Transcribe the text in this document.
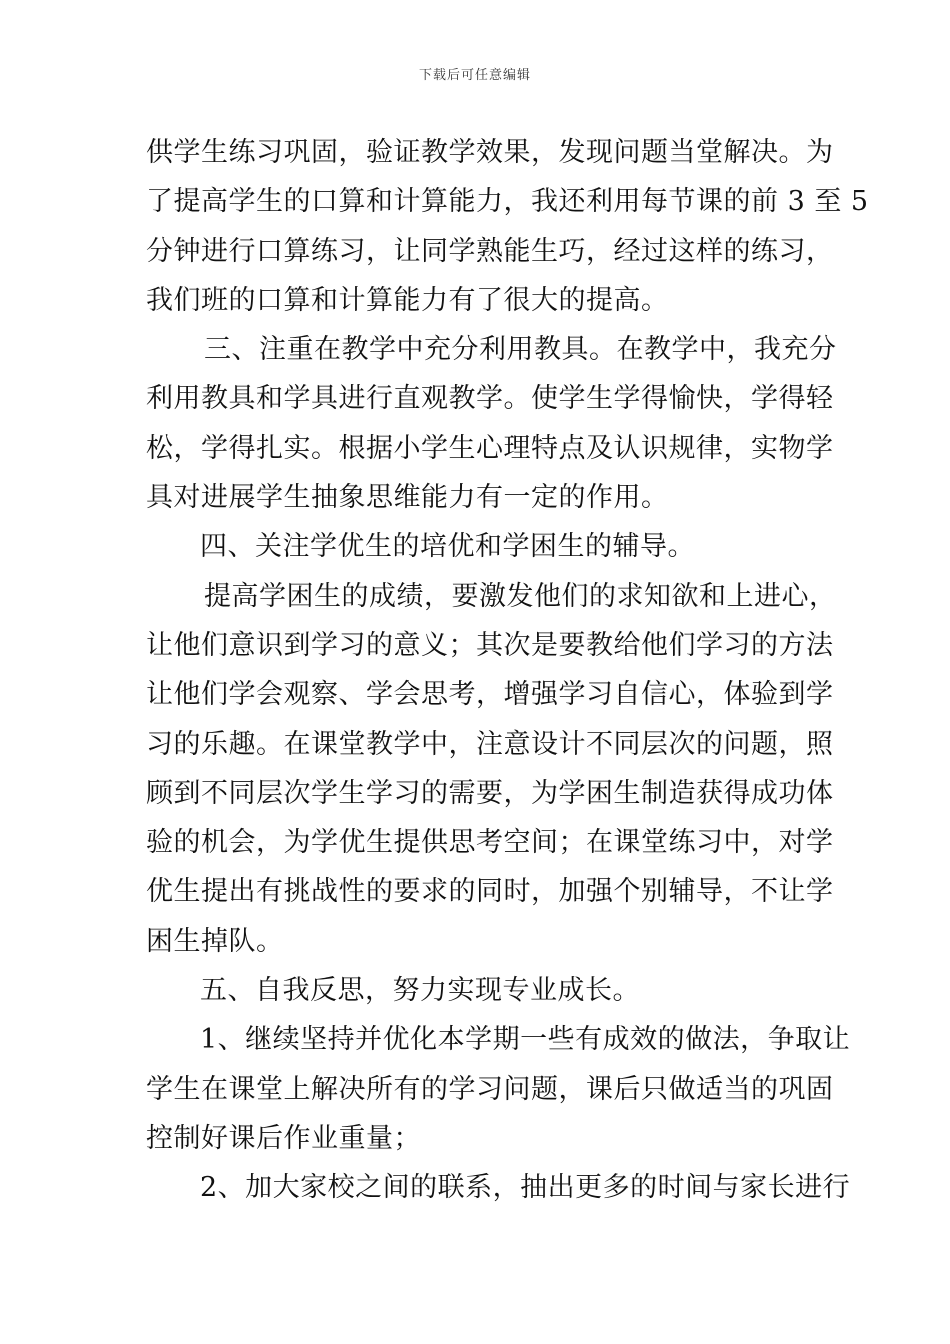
下载后可任意编辑
供学生练习巩固，验证教学效果，发现问题当堂解决。为
了提高学生的口算和计算能力，我还利用每节课的前 3 至 5
分钟进行口算练习，让同学熟能生巧，经过这样的练习，
我们班的口算和计算能力有了很大的提高。
三、注重在教学中充分利用教具。在教学中，我充分
利用教具和学具进行直观教学。使学生学得愉快，学得轻
松，学得扎实。根据小学生心理特点及认识规律，实物学
具对进展学生抽象思维能力有一定的作用。
四、关注学优生的培优和学困生的辅导。
提高学困生的成绩，要激发他们的求知欲和上进心，
让他们意识到学习的意义；其次是要教给他们学习的方法
让他们学会观察、学会思考，增强学习自信心，体验到学
习的乐趣。在课堂教学中，注意设计不同层次的问题，照
顾到不同层次学生学习的需要，为学困生制造获得成功体
验的机会，为学优生提供思考空间；在课堂练习中，对学
优生提出有挑战性的要求的同时，加强个别辅导，不让学
困生掉队。
五、自我反思，努力实现专业成长。
1、继续坚持并优化本学期一些有成效的做法，争取让
学生在课堂上解决所有的学习问题，课后只做适当的巩固
控制好课后作业重量；
2、加大家校之间的联系，抽出更多的时间与家长进行
